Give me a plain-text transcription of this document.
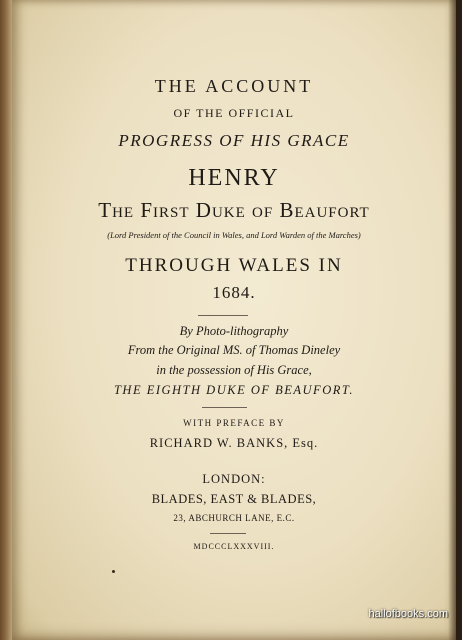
THE ACCOUNT
OF THE OFFICIAL
PROGRESS OF HIS GRACE
HENRY
The First Duke of Beaufort
(Lord President of the Council in Wales, and Lord Warden of the Marches)
THROUGH WALES IN
1684.
By Photo-lithography
From the Original MS. of Thomas Dineley
in the possession of His Grace,
THE EIGHTH DUKE OF BEAUFORT.
WITH PREFACE BY
RICHARD W. BANKS, Esq.
LONDON:
BLADES, EAST & BLADES,
23, ABCHURCH LANE, E.C.
MDCCCLXXXVIII.
hallofbooks.com
